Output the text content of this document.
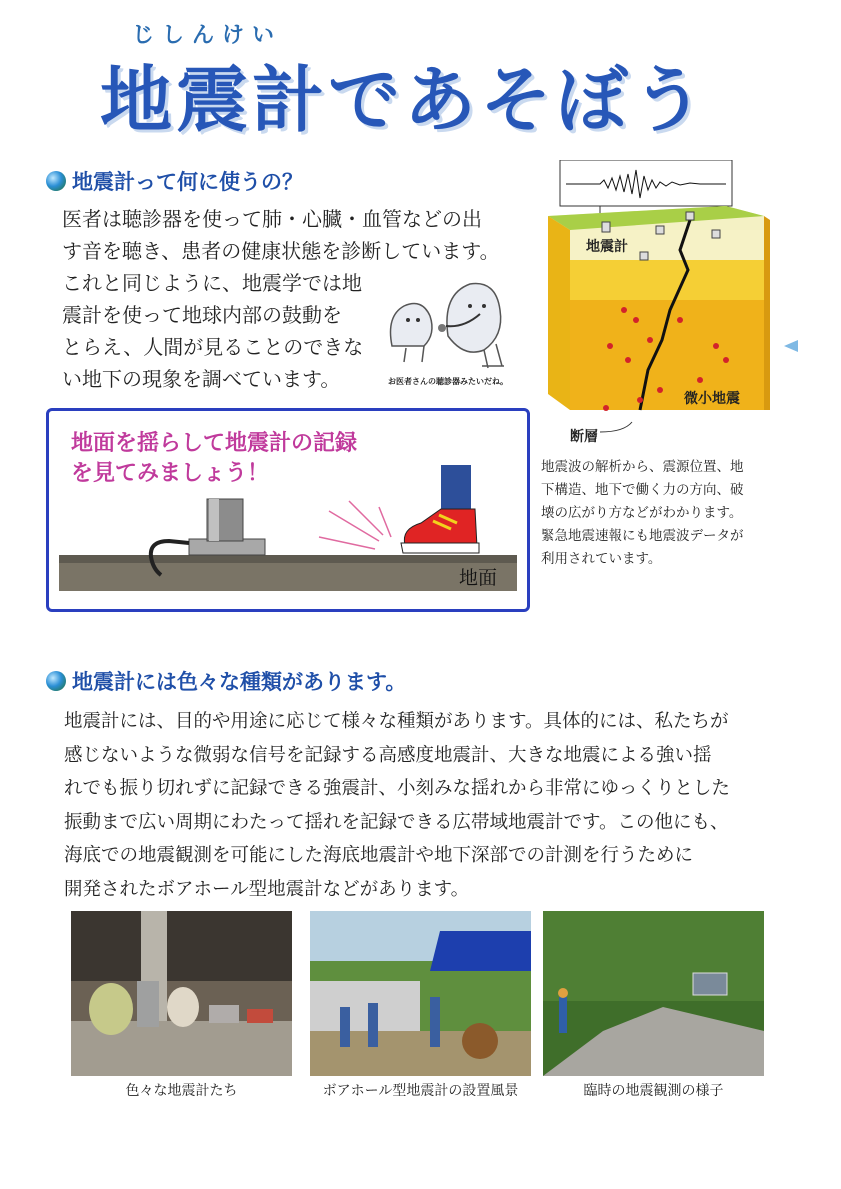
じしんけい
地震計であそぼう
地震計って何に使うの？
医者は聴診器を使って肺・心臓・血管などの出
す音を聴き、患者の健康状態を診断しています。
これと同じように、地震学では地
震計を使って地球内部の鼓動を
とらえ、人間が見ることのできな
い地下の現象を調べています。	お医者さんの聴診器みたいだね。
地面を揺らして地震計の記録
を見てみましょう！
地面
地震計
微小地震
断層
地震波の解析から、震源位置、地
下構造、地下で働く力の方向、破
壊の広がり方などがわかります。
緊急地震速報にも地震波データが
利用されています。
地震計には色々な種類があります。
地震計には、目的や用途に応じて様々な種類があります。具体的には、私たちが
感じないような微弱な信号を記録する高感度地震計、大きな地震による強い揺
れでも振り切れずに記録できる強震計、小刻みな揺れから非常にゆっくりとした
振動まで広い周期にわたって揺れを記録できる広帯域地震計です。この他にも、
海底での地震観測を可能にした海底地震計や地下深部での計測を行うために
開発されたボアホール型地震計などがあります。
色々な地震計たち	ボアホール型地震計の設置風景	臨時の地震観測の様子
